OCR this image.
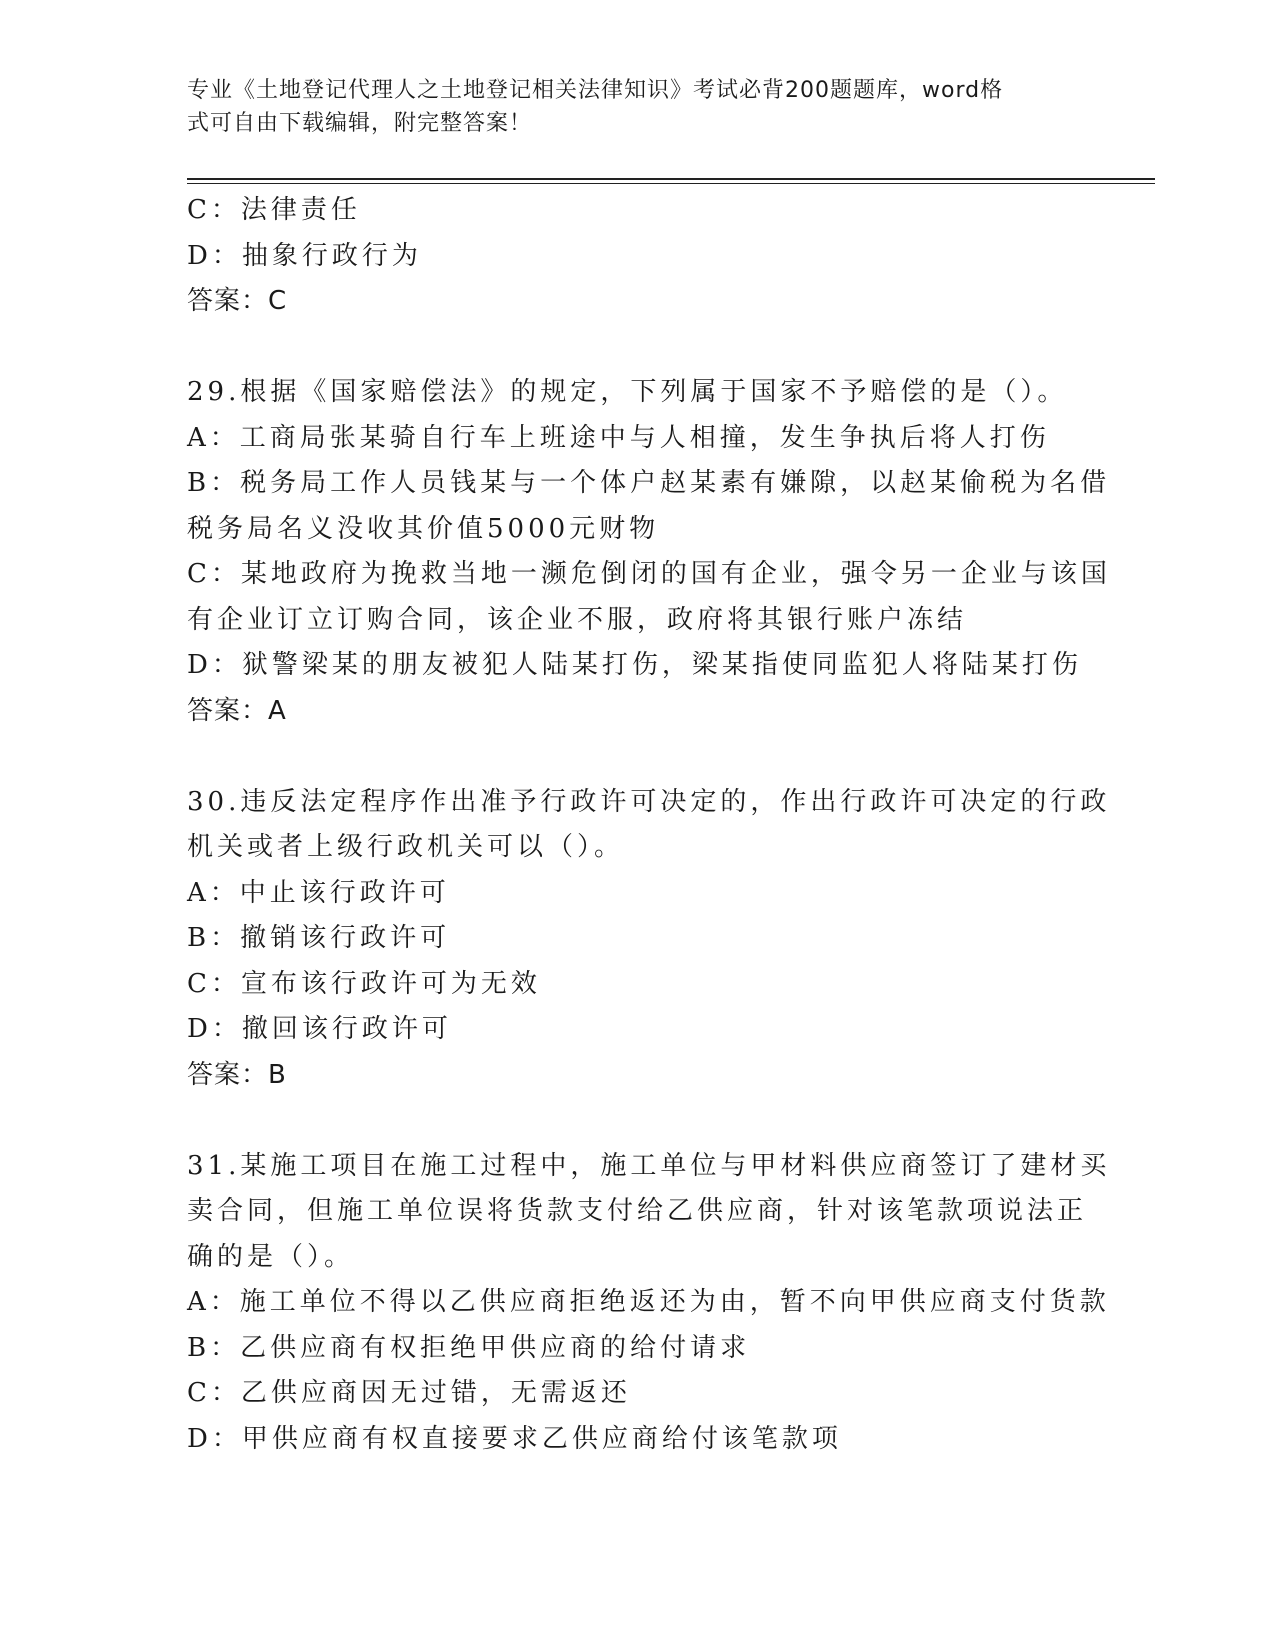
专业《土地登记代理人之土地登记相关法律知识》考试必背200题题库，word格
式可自由下载编辑，附完整答案！
C：法律责任
D：抽象行政行为
答案：C
29.根据《国家赔偿法》的规定，下列属于国家不予赔偿的是（）。
A：工商局张某骑自行车上班途中与人相撞，发生争执后将人打伤
B：税务局工作人员钱某与一个体户赵某素有嫌隙，以赵某偷税为名借
税务局名义没收其价值5000元财物
C：某地政府为挽救当地一濒危倒闭的国有企业，强令另一企业与该国
有企业订立订购合同，该企业不服，政府将其银行账户冻结
D：狱警梁某的朋友被犯人陆某打伤，梁某指使同监犯人将陆某打伤
答案：A
30.违反法定程序作出准予行政许可决定的，作出行政许可决定的行政
机关或者上级行政机关可以（）。
A：中止该行政许可
B：撤销该行政许可
C：宣布该行政许可为无效
D：撤回该行政许可
答案：B
31.某施工项目在施工过程中，施工单位与甲材料供应商签订了建材买
卖合同，但施工单位误将货款支付给乙供应商，针对该笔款项说法正
确的是（）。
A：施工单位不得以乙供应商拒绝返还为由，暂不向甲供应商支付货款
B：乙供应商有权拒绝甲供应商的给付请求
C：乙供应商因无过错，无需返还
D：甲供应商有权直接要求乙供应商给付该笔款项
